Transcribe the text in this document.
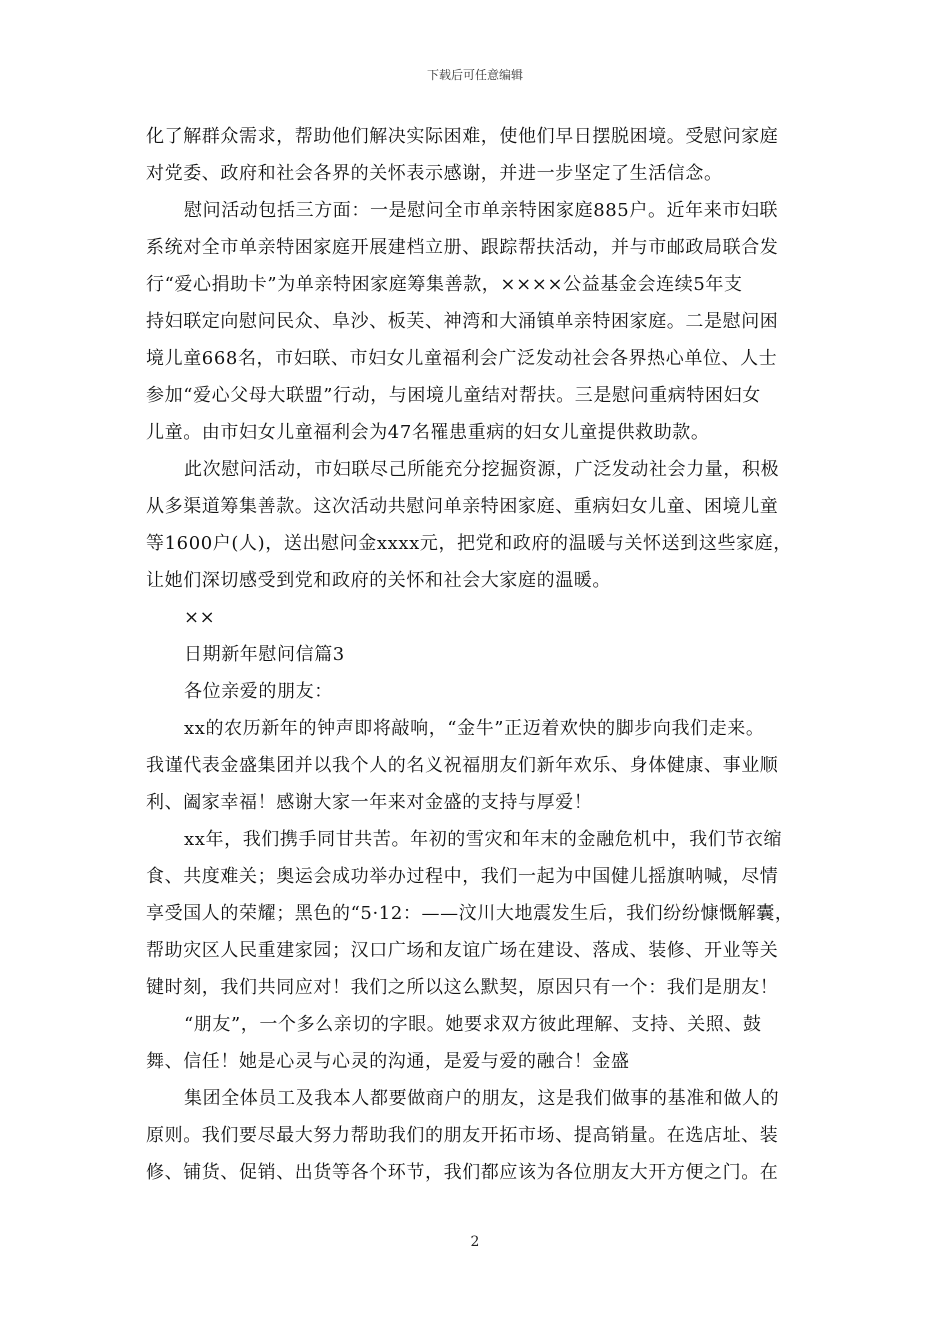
下载后可任意编辑
化了解群众需求，帮助他们解决实际困难，使他们早日摆脱困境。受慰问家庭
对党委、政府和社会各界的关怀表示感谢，并进一步坚定了生活信念。
慰问活动包括三方面：一是慰问全市单亲特困家庭885户。近年来市妇联
系统对全市单亲特困家庭开展建档立册、跟踪帮扶活动，并与市邮政局联合发
行“爱心捐助卡”为单亲特困家庭筹集善款，××××公益基金会连续5年支
持妇联定向慰问民众、阜沙、板芙、神湾和大涌镇单亲特困家庭。二是慰问困
境儿童668名，市妇联、市妇女儿童福利会广泛发动社会各界热心单位、人士
参加“爱心父母大联盟”行动，与困境儿童结对帮扶。三是慰问重病特困妇女
儿童。由市妇女儿童福利会为47名罹患重病的妇女儿童提供救助款。
此次慰问活动，市妇联尽己所能充分挖掘资源，广泛发动社会力量，积极
从多渠道筹集善款。这次活动共慰问单亲特困家庭、重病妇女儿童、困境儿童
等1600户(人)，送出慰问金xxxx元，把党和政府的温暖与关怀送到这些家庭，
让她们深切感受到党和政府的关怀和社会大家庭的温暖。
××
日期新年慰问信篇3
各位亲爱的朋友：
xx的农历新年的钟声即将敲响，“金牛”正迈着欢快的脚步向我们走来。
我谨代表金盛集团并以我个人的名义祝福朋友们新年欢乐、身体健康、事业顺
利、阖家幸福！感谢大家一年来对金盛的支持与厚爱！
xx年，我们携手同甘共苦。年初的雪灾和年末的金融危机中，我们节衣缩
食、共度难关；奥运会成功举办过程中，我们一起为中国健儿摇旗呐喊，尽情
享受国人的荣耀；黑色的“5·12：——汶川大地震发生后，我们纷纷慷慨解囊，
帮助灾区人民重建家园；汉口广场和友谊广场在建设、落成、装修、开业等关
键时刻，我们共同应对！我们之所以这么默契，原因只有一个：我们是朋友！
“朋友”，一个多么亲切的字眼。她要求双方彼此理解、支持、关照、鼓
舞、信任！她是心灵与心灵的沟通，是爱与爱的融合！金盛
集团全体员工及我本人都要做商户的朋友，这是我们做事的基准和做人的
原则。我们要尽最大努力帮助我们的朋友开拓市场、提高销量。在选店址、装
修、铺货、促销、出货等各个环节，我们都应该为各位朋友大开方便之门。在
2
